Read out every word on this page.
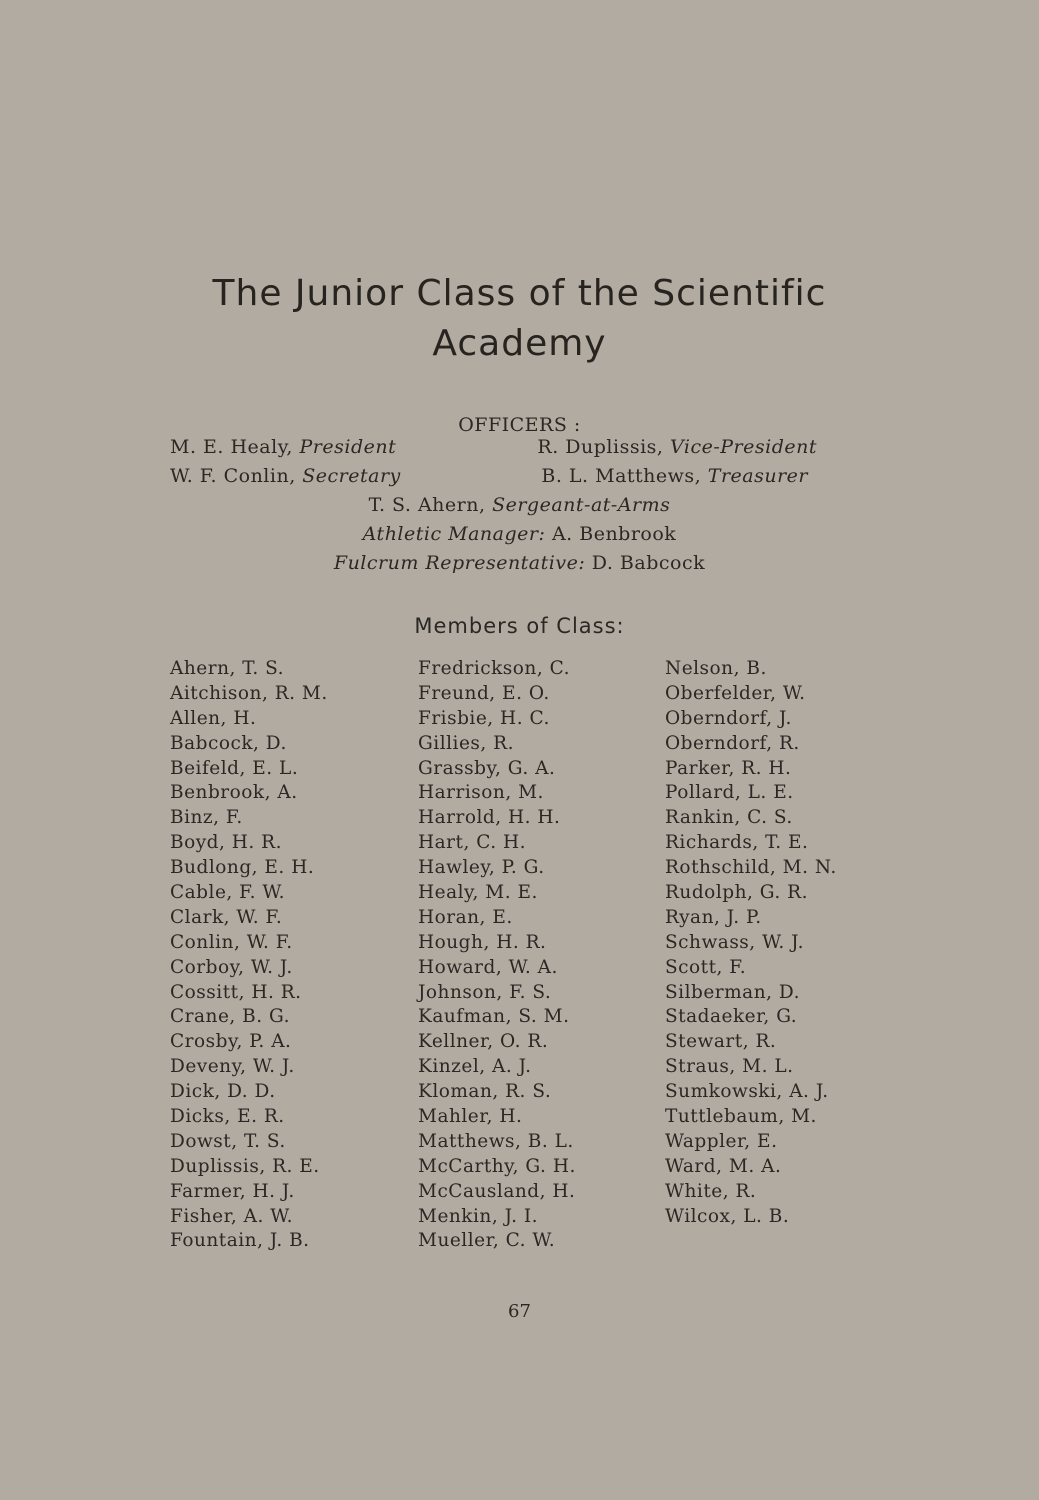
The Junior Class of the Scientific
Academy
OFFICERS :
M. E. Healy, President	R. Duplissis, Vice-President
W. F. Conlin, Secretary	B. L. Matthews, Treasurer
T. S. Ahern, Sergeant-at-Arms
Athletic Manager: A. Benbrook
Fulcrum Representative: D. Babcock
Members of Class:
Ahern, T. S.
Aitchison, R. M.
Allen, H.
Babcock, D.
Beifeld, E. L.
Benbrook, A.
Binz, F.
Boyd, H. R.
Budlong, E. H.
Cable, F. W.
Clark, W. F.
Conlin, W. F.
Corboy, W. J.
Cossitt, H. R.
Crane, B. G.
Crosby, P. A.
Deveny, W. J.
Dick, D. D.
Dicks, E. R.
Dowst, T. S.
Duplissis, R. E.
Farmer, H. J.
Fisher, A. W.
Fountain, J. B.
Fredrickson, C.
Freund, E. O.
Frisbie, H. C.
Gillies, R.
Grassby, G. A.
Harrison, M.
Harrold, H. H.
Hart, C. H.
Hawley, P. G.
Healy, M. E.
Horan, E.
Hough, H. R.
Howard, W. A.
Johnson, F. S.
Kaufman, S. M.
Kellner, O. R.
Kinzel, A. J.
Kloman, R. S.
Mahler, H.
Matthews, B. L.
McCarthy, G. H.
McCausland, H.
Menkin, J. I.
Mueller, C. W.
Nelson, B.
Oberfelder, W.
Oberndorf, J.
Oberndorf, R.
Parker, R. H.
Pollard, L. E.
Rankin, C. S.
Richards, T. E.
Rothschild, M. N.
Rudolph, G. R.
Ryan, J. P.
Schwass, W. J.
Scott, F.
Silberman, D.
Stadaeker, G.
Stewart, R.
Straus, M. L.
Sumkowski, A. J.
Tuttlebaum, M.
Wappler, E.
Ward, M. A.
White, R.
Wilcox, L. B.
67
